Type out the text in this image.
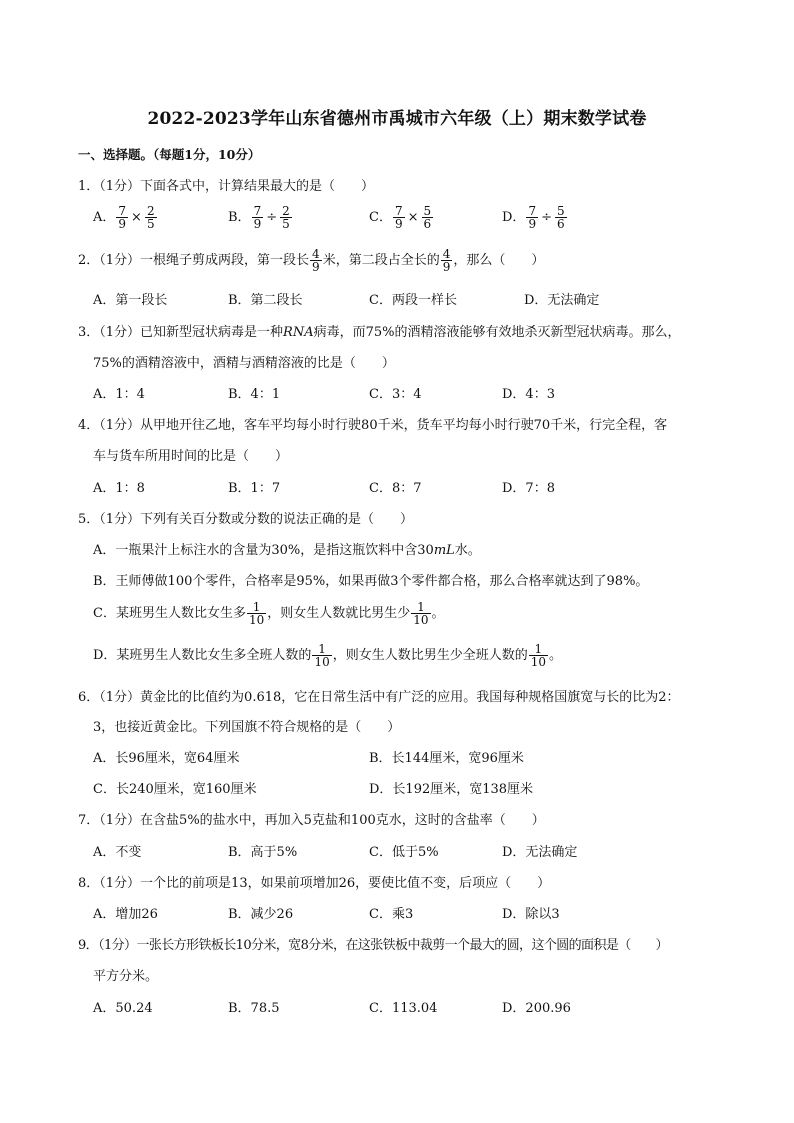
2022-2023学年山东省德州市禹城市六年级（上）期末数学试卷
一、选择题。（每题1分，10分）
1．（1分）下面各式中，计算结果最大的是（　　）
A． $\frac{7}{9} \times \frac{2}{5}$	B． $\frac{7}{9} \div \frac{2}{5}$	C． $\frac{7}{9} \times \frac{5}{6}$	D． $\frac{7}{9} \div \frac{5}{6}$
2．（1分）一根绳子剪成两段，第一段长 $\frac{4}{9}$ 米，第二段占全长的 $\frac{4}{9}$ ，那么（　　）
A．第一段长	B．第二段长	C．两段一样长	D．无法确定
3．（1分）已知新型冠状病毒是一种RNA病毒，而75%的酒精溶液能够有效地杀灭新型冠状病毒。那么，
75%的酒精溶液中，酒精与酒精溶液的比是（　　）
A．1：4	B．4：1	C．3：4	D．4：3
4．（1分）从甲地开往乙地，客车平均每小时行驶80千米，货车平均每小时行驶70千米，行完全程，客
车与货车所用时间的比是（　　）
A．1：8	B．1：7	C．8：7	D．7：8
5．（1分）下列有关百分数或分数的说法正确的是（　　）
A．一瓶果汁上标注水的含量为30%，是指这瓶饮料中含30mL水。
B．王师傅做100个零件，合格率是95%，如果再做3个零件都合格，那么合格率就达到了98%。
C．某班男生人数比女生多 $\frac{1}{10}$ ，则女生人数就比男生少 $\frac{1}{10}$ 。
D．某班男生人数比女生多全班人数的 $\frac{1}{10}$ ，则女生人数比男生少全班人数的 $\frac{1}{10}$ 。
6．（1分）黄金比的比值约为0.618，它在日常生活中有广泛的应用。我国每种规格国旗宽与长的比为2：
3，也接近黄金比。下列国旗不符合规格的是（　　）
A．长96厘米，宽64厘米	B．长144厘米，宽96厘米
C．长240厘米，宽160厘米	D．长192厘米，宽138厘米
7．（1分）在含盐5%的盐水中，再加入5克盐和100克水，这时的含盐率（　　）
A．不变	B．高于5%	C．低于5%	D．无法确定
8．（1分）一个比的前项是13，如果前项增加26，要使比值不变，后项应（　　）
A．增加26	B．减少26	C．乘3	D．除以3
9．（1分）一张长方形铁板长10分米，宽8分米，在这张铁板中裁剪一个最大的圆，这个圆的面积是（　　）
平方分米。
A．50.24	B．78.5	C．113.04	D．200.96
